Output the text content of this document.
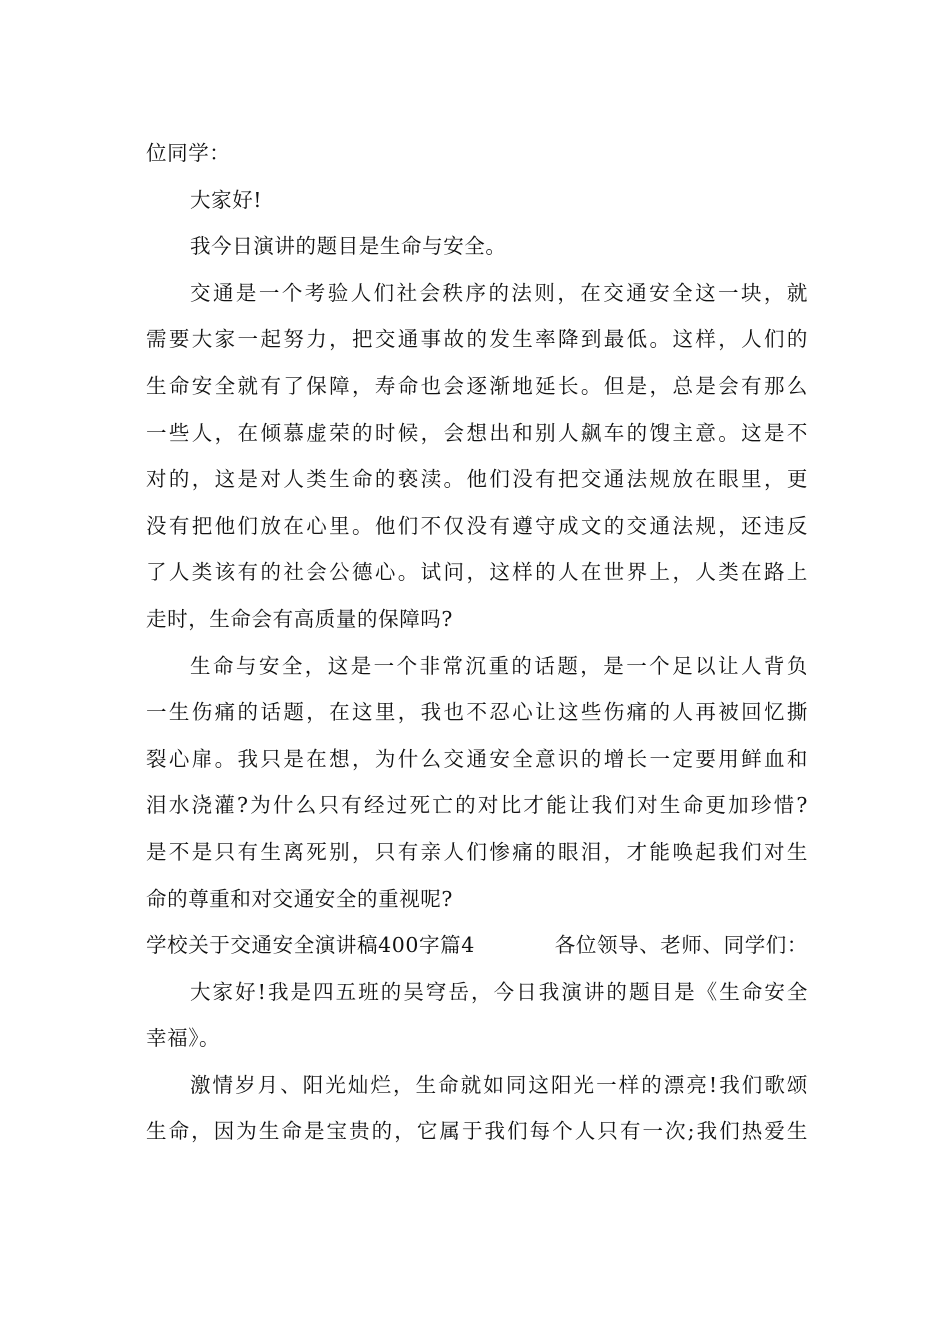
位同学：
大家好!
我今日演讲的题目是生命与安全。
交通是一个考验人们社会秩序的法则，在交通安全这一块，就
需要大家一起努力，把交通事故的发生率降到最低。这样，人们的
生命安全就有了保障，寿命也会逐渐地延长。但是，总是会有那么
一些人，在倾慕虚荣的时候，会想出和别人飙车的馊主意。这是不
对的，这是对人类生命的亵渎。他们没有把交通法规放在眼里，更
没有把他们放在心里。他们不仅没有遵守成文的交通法规，还违反
了人类该有的社会公德心。试问，这样的人在世界上，人类在路上
走时，生命会有高质量的保障吗?
生命与安全，这是一个非常沉重的话题，是一个足以让人背负
一生伤痛的话题，在这里，我也不忍心让这些伤痛的人再被回忆撕
裂心扉。我只是在想，为什么交通安全意识的增长一定要用鲜血和
泪水浇灌?为什么只有经过死亡的对比才能让我们对生命更加珍惜?
是不是只有生离死别，只有亲人们惨痛的眼泪，才能唤起我们对生
命的尊重和对交通安全的重视呢?
学校关于交通安全演讲稿400字篇4	各位领导、老师、同学们：
大家好!我是四五班的吴穹岳，今日我演讲的题目是《生命安全
幸福》。
激情岁月、阳光灿烂，生命就如同这阳光一样的漂亮!我们歌颂
生命，因为生命是宝贵的，它属于我们每个人只有一次;我们热爱生
